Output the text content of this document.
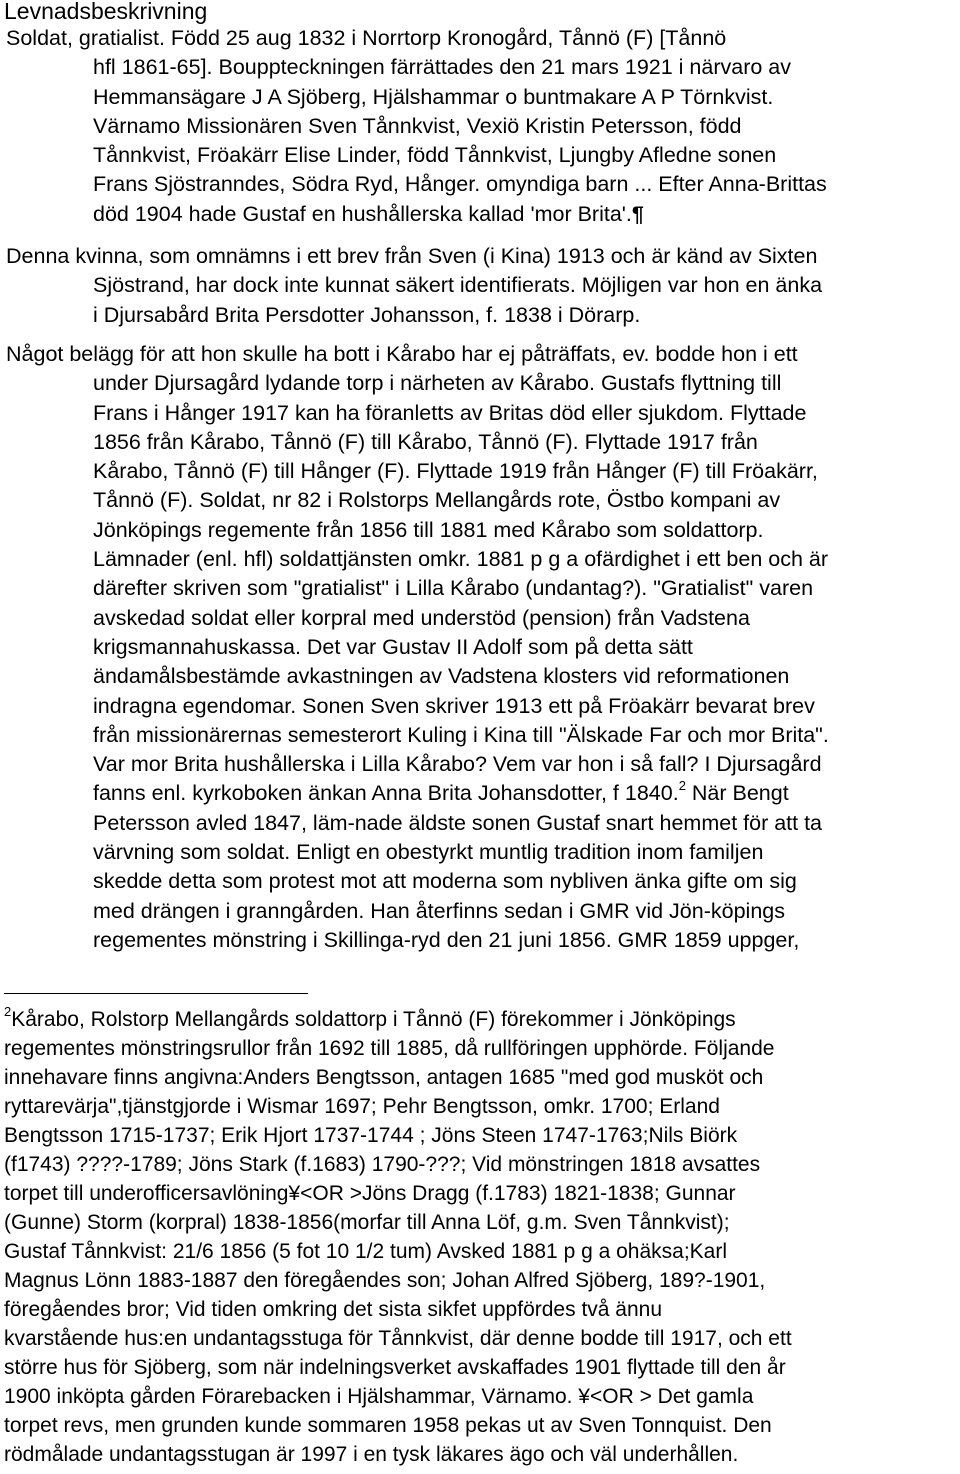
Levnadsbeskrivning
Soldat, gratialist. Född 25 aug 1832 i Norrtorp Kronogård, Tånnö (F) [Tånnö
hfl 1861-65]. Bouppteckningen färrättades den 21 mars 1921 i närvaro av
Hemmansägare J A Sjöberg, Hjälshammar o buntmakare A P Törnkvist.
Värnamo Missionären Sven Tånnkvist, Vexiö Kristin Petersson, född
Tånnkvist, Fröakärr Elise Linder, född Tånnkvist, Ljungby Afledne sonen
Frans Sjöstranndes, Södra Ryd, Hånger. omyndiga barn ... Efter Anna-Brittas
död 1904 hade Gustaf en hushållerska kallad 'mor Brita'.¶
Denna kvinna, som omnämns i ett brev från Sven (i Kina) 1913 och är känd av Sixten
Sjöstrand, har dock inte kunnat säkert identifierats. Möjligen var hon en änka
i Djursabård Brita Persdotter Johansson, f. 1838 i Dörarp.
Något belägg för att hon skulle ha bott i Kårabo har ej påträffats, ev. bodde hon i ett
under Djursagård lydande torp i närheten av Kårabo. Gustafs flyttning till
Frans i Hånger 1917 kan ha föranletts av Britas död eller sjukdom. Flyttade
1856 från Kårabo, Tånnö (F) till Kårabo, Tånnö (F). Flyttade 1917 från
Kårabo, Tånnö (F) till Hånger (F). Flyttade 1919 från Hånger (F) till Fröakärr,
Tånnö (F). Soldat, nr 82 i Rolstorps Mellangårds rote, Östbo kompani av
Jönköpings regemente från 1856 till 1881 med Kårabo som soldattorp.
Lämnader (enl. hfl) soldattjänsten omkr. 1881 p g a ofärdighet i ett ben och är
därefter skriven som "gratialist" i Lilla Kårabo (undantag?). "Gratialist" varen
avskedad soldat eller korpral med understöd (pension) från Vadstena
krigsmannahuskassa. Det var Gustav II Adolf som på detta sätt
ändamålsbestämde avkastningen av Vadstena klosters vid reformationen
indragna egendomar. Sonen Sven skriver 1913 ett på Fröakärr bevarat brev
från missionärernas semesterort Kuling i Kina till "Älskade Far och mor Brita".
Var mor Brita hushållerska i Lilla Kårabo? Vem var hon i så fall? I Djursagård
fanns enl. kyrkoboken änkan Anna Brita Johansdotter, f 1840.$^2$ När Bengt
Petersson avled 1847, läm-nade äldste sonen Gustaf snart hemmet för att ta
värvning som soldat. Enligt en obestyrkt muntlig tradition inom familjen
skedde detta som protest mot att moderna som nybliven änka gifte om sig
med drängen i granngården. Han återfinns sedan i GMR vid Jön-köpings
regementes mönstring i Skillinga-ryd den 21 juni 1856. GMR 1859 uppger,
$^2$Kårabo, Rolstorp Mellangårds soldattorp i Tånnö (F) förekommer i Jönköpings
regementes mönstringsrullor från 1692 till 1885, då rullföringen upphörde. Följande
innehavare finns angivna:Anders Bengtsson, antagen 1685 "med god musköt och
ryttarevärja",tjänstgjorde i Wismar 1697; Pehr Bengtsson, omkr. 1700; Erland
Bengtsson 1715-1737; Erik Hjort 1737-1744 ; Jöns Steen 1747-1763;Nils Biörk
(f1743) ????-1789; Jöns Stark (f.1683) 1790-???; Vid mönstringen 1818 avsattes
torpet till underofficersavlöning¥<OR >Jöns Dragg (f.1783) 1821-1838; Gunnar
(Gunne) Storm (korpral) 1838-1856(morfar till Anna Löf, g.m. Sven Tånnkvist);
Gustaf Tånnkvist: 21/6 1856 (5 fot 10 1/2 tum) Avsked 1881 p g a ohäksa;Karl
Magnus Lönn 1883-1887 den föregåendes son; Johan Alfred Sjöberg, 189?-1901,
föregåendes bror; Vid tiden omkring det sista sikfet uppfördes två ännu
kvarstående hus:en undantagsstuga för Tånnkvist, där denne bodde till 1917, och ett
större hus för Sjöberg, som när indelningsverket avskaffades 1901 flyttade till den år
1900 inköpta gården Förarebacken i Hjälshammar, Värnamo. ¥<OR > Det gamla
torpet revs, men grunden kunde sommaren 1958 pekas ut av Sven Tonnquist. Den
rödmålade undantagsstugan är 1997 i en tysk läkares ägo och väl underhållen.
